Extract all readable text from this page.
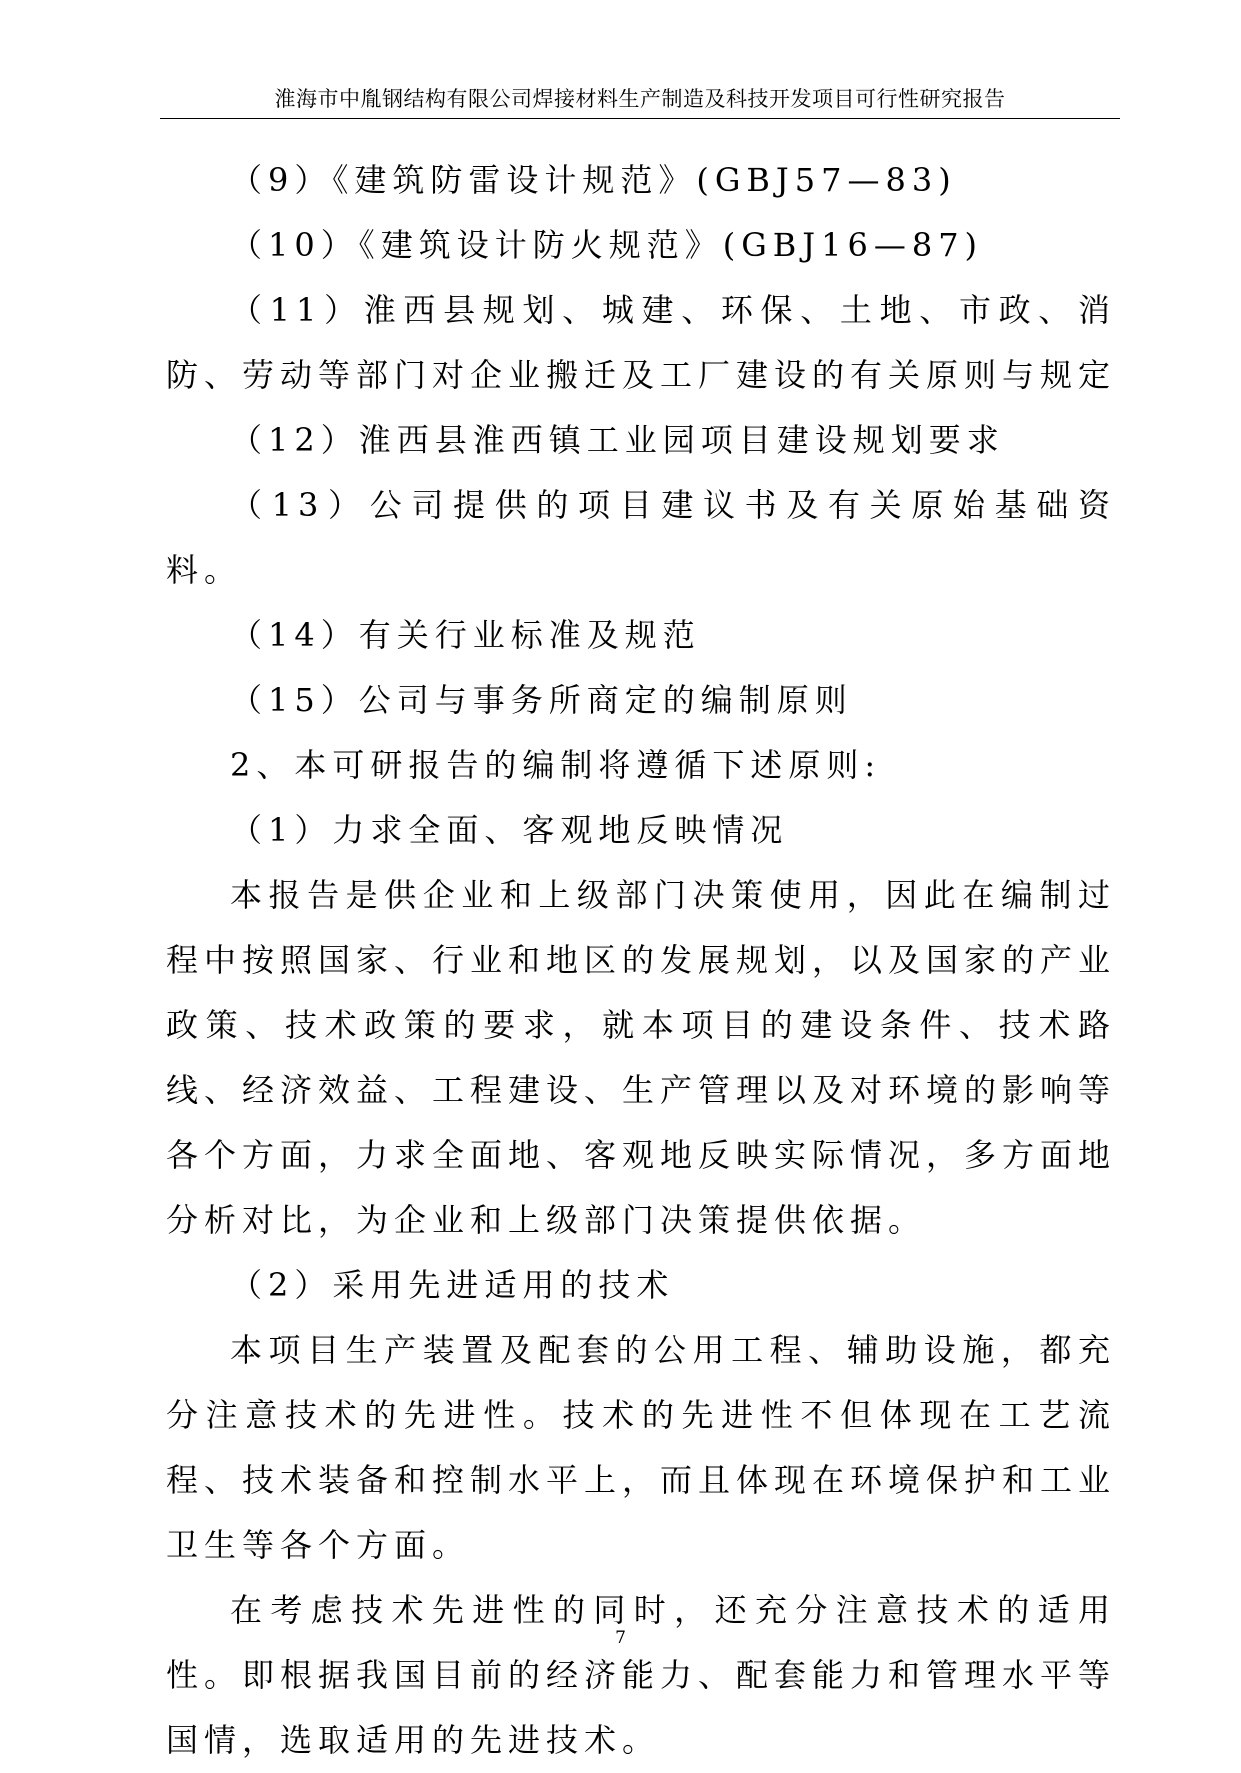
淮海市中胤钢结构有限公司焊接材料生产制造及科技开发项目可行性研究报告

（9）《建筑防雷设计规范》(GBJ57—83)

（10）《建筑设计防火规范》(GBJ16—87)

（11）淮西县规划、城建、环保、土地、市政、消防、劳动等部门对企业搬迁及工厂建设的有关原则与规定

（12）淮西县淮西镇工业园项目建设规划要求

（13）公司提供的项目建议书及有关原始基础资料。

（14）有关行业标准及规范

（15）公司与事务所商定的编制原则

2、本可研报告的编制将遵循下述原则:

（1）力求全面、客观地反映情况

本报告是供企业和上级部门决策使用，因此在编制过程中按照国家、行业和地区的发展规划，以及国家的产业政策、技术政策的要求，就本项目的建设条件、技术路线、经济效益、工程建设、生产管理以及对环境的影响等各个方面，力求全面地、客观地反映实际情况，多方面地分析对比，为企业和上级部门决策提供依据。

（2）采用先进适用的技术

本项目生产装置及配套的公用工程、辅助设施，都充分注意技术的先进性。技术的先进性不但体现在工艺流程、技术装备和控制水平上，而且体现在环境保护和工业卫生等各个方面。

在考虑技术先进性的同时，还充分注意技术的适用性。即根据我国目前的经济能力、配套能力和管理水平等国情，选取适用的先进技术。

7
